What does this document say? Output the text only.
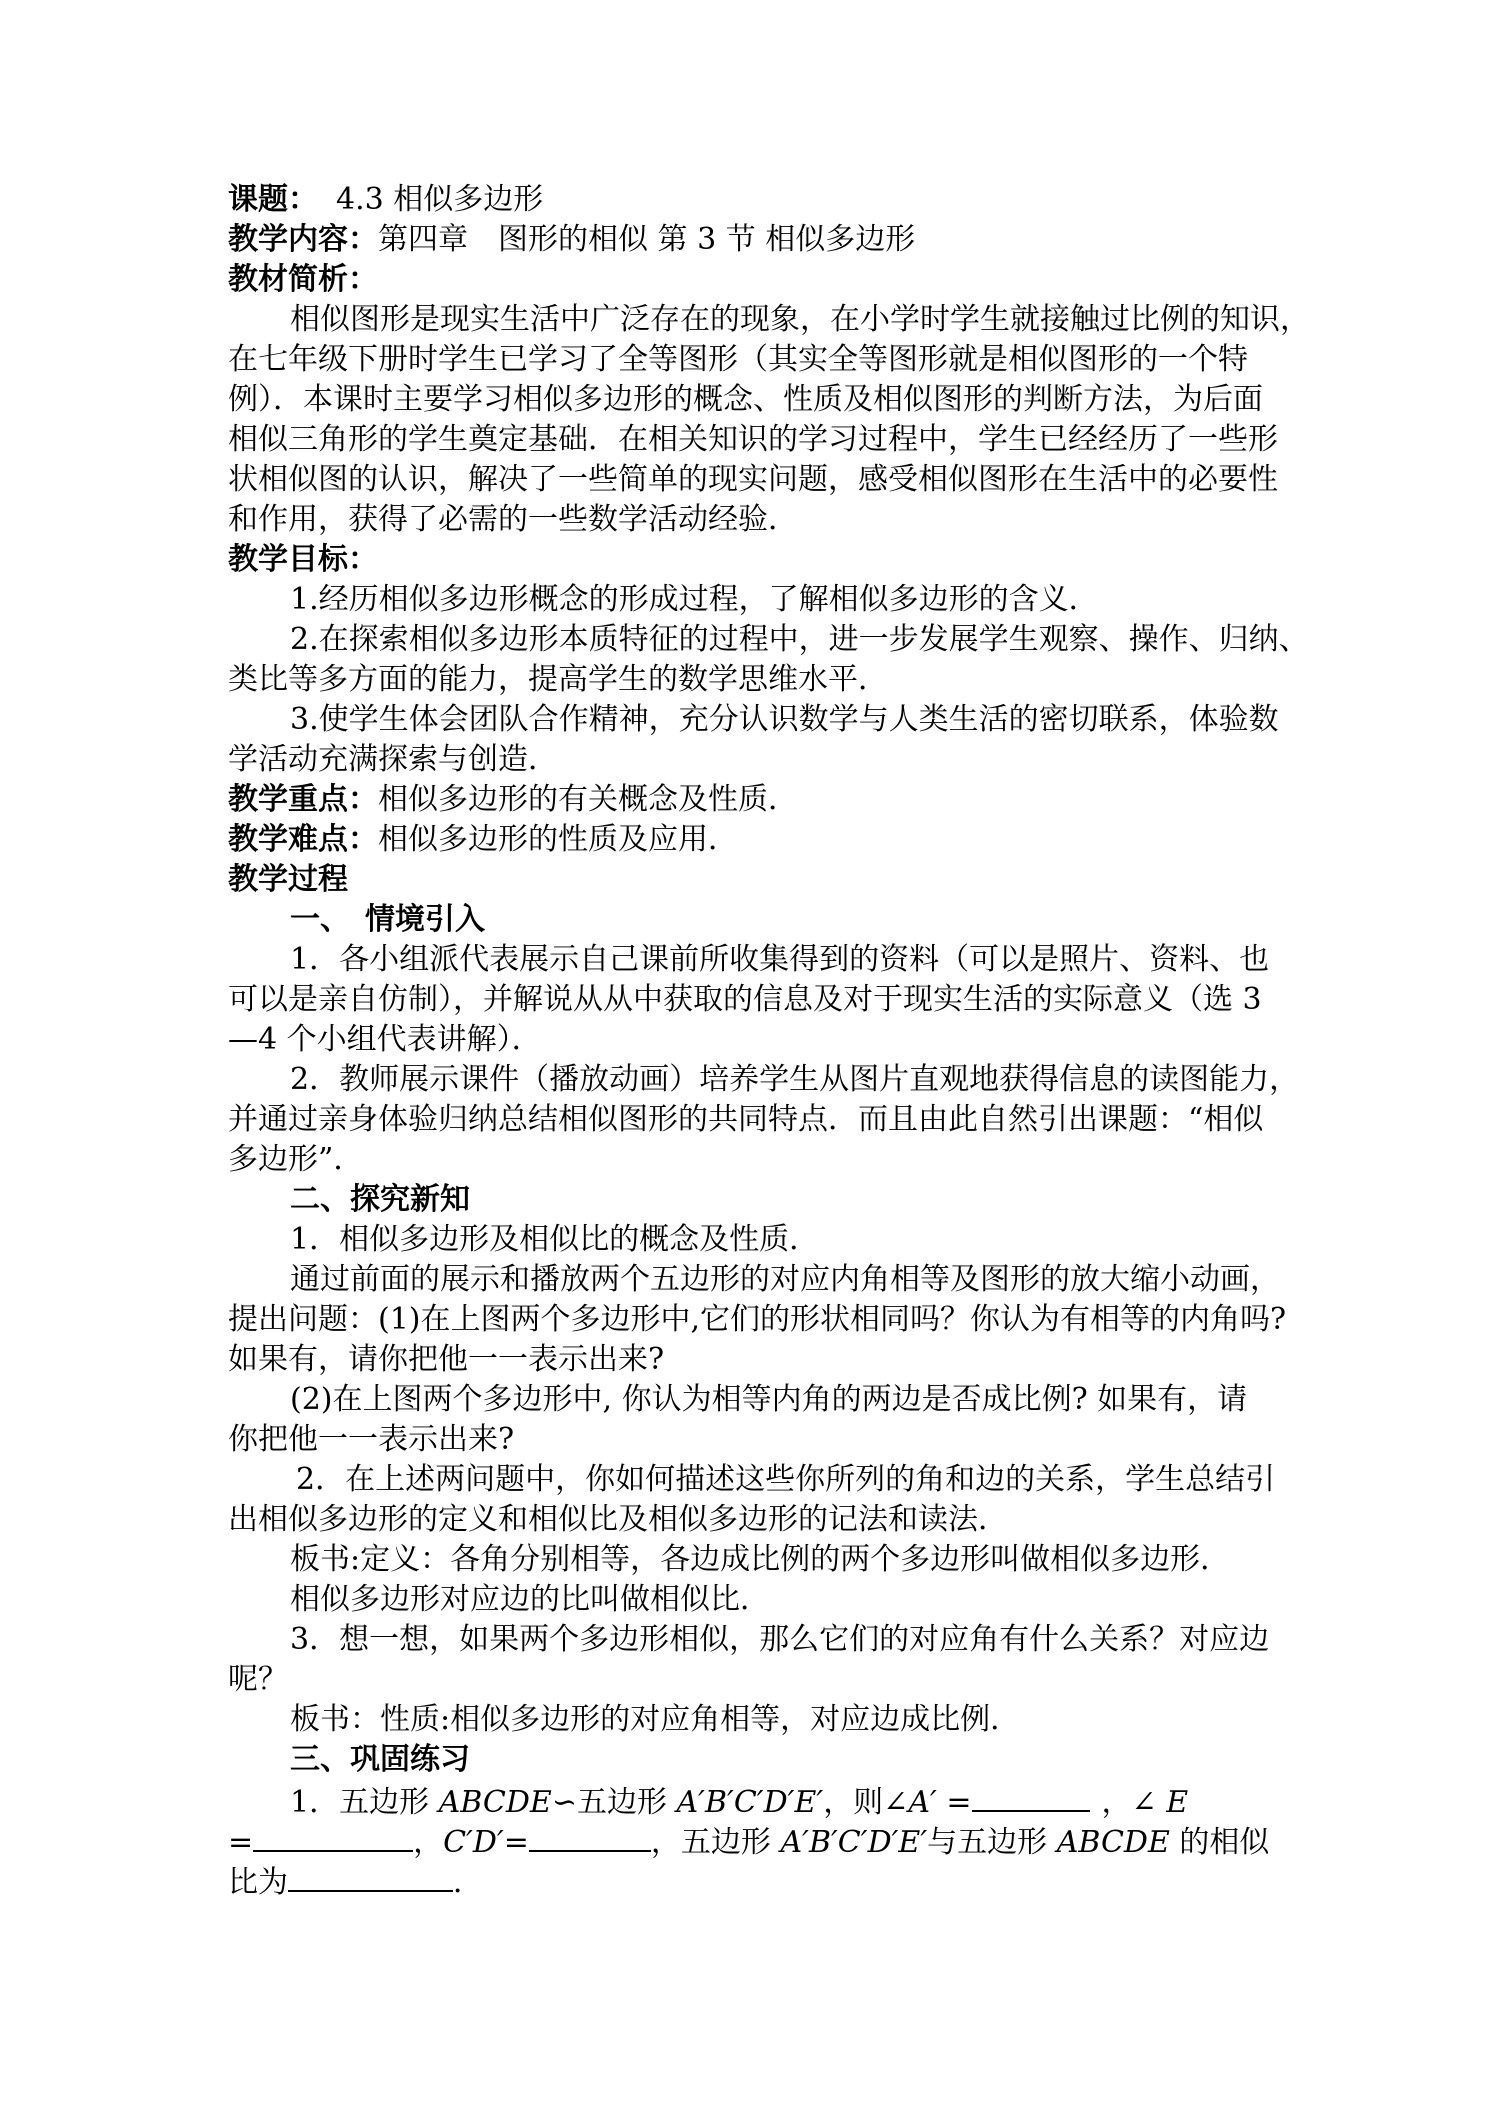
课题： 4.3 相似多边形
教学内容：第四章　图形的相似 第 3 节 相似多边形
教材简析：
相似图形是现实生活中广泛存在的现象，在小学时学生就接触过比例的知识，
在七年级下册时学生已学习了全等图形（其实全等图形就是相似图形的一个特
例）．本课时主要学习相似多边形的概念、性质及相似图形的判断方法，为后面
相似三角形的学生奠定基础．在相关知识的学习过程中，学生已经经历了一些形
状相似图的认识，解决了一些简单的现实问题，感受相似图形在生活中的必要性
和作用，获得了必需的一些数学活动经验．
教学目标：
1.经历相似多边形概念的形成过程，了解相似多边形的含义．
2.在探索相似多边形本质特征的过程中，进一步发展学生观察、操作、归纳、
类比等多方面的能力，提高学生的数学思维水平．
3.使学生体会团队合作精神，充分认识数学与人类生活的密切联系，体验数
学活动充满探索与创造．
教学重点：相似多边形的有关概念及性质．
教学难点：相似多边形的性质及应用．
教学过程
一、　情境引入
1．各小组派代表展示自己课前所收集得到的资料（可以是照片、资料、也
可以是亲自仿制），并解说从从中获取的信息及对于现实生活的实际意义（选 3
—4 个小组代表讲解）．
2．教师展示课件（播放动画）培养学生从图片直观地获得信息的读图能力，
并通过亲身体验归纳总结相似图形的共同特点．而且由此自然引出课题：“相似
多边形”．
二、探究新知
1．相似多边形及相似比的概念及性质．
通过前面的展示和播放两个五边形的对应内角相等及图形的放大缩小动画，
提出问题：(1)在上图两个多边形中,它们的形状相同吗？你认为有相等的内角吗?
如果有，请你把他一一表示出来?
(2)在上图两个多边形中, 你认为相等内角的两边是否成比例? 如果有，请
你把他一一表示出来?
2．在上述两问题中，你如何描述这些你所列的角和边的关系，学生总结引
出相似多边形的定义和相似比及相似多边形的记法和读法．
板书:定义：各角分别相等，各边成比例的两个多边形叫做相似多边形．
相似多边形对应边的比叫做相似比．
3．想一想，如果两个多边形相似，那么它们的对应角有什么关系？对应边
呢？
板书：性质:相似多边形的对应角相等，对应边成比例．
三、巩固练习
1．五边形 ABCDE∽五边形 A′B′C′D′E′，则∠A′ =	，∠ E
=	，C′D′=	，五边形 A′B′C′D′E′与五边形 ABCDE 的相似
比为	．
